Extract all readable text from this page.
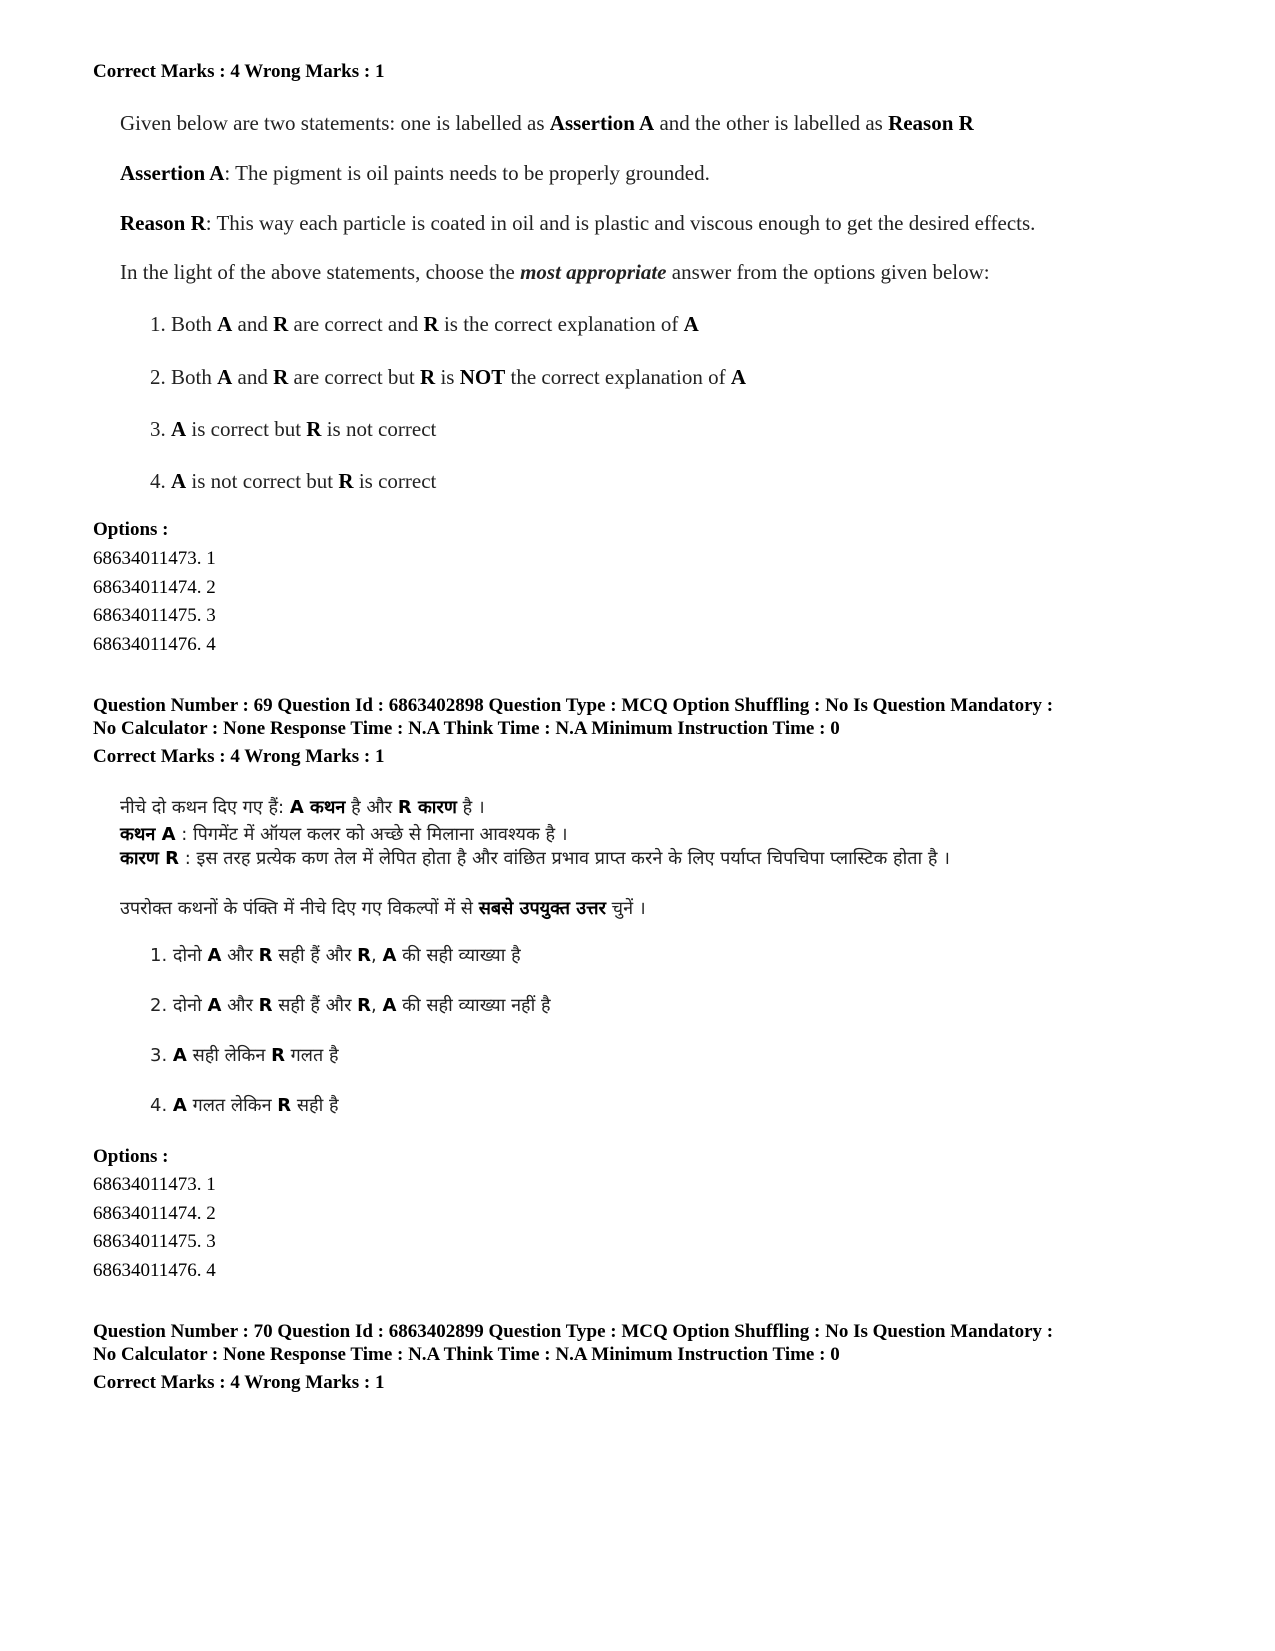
Correct Marks : 4 Wrong Marks : 1
Given below are two statements: one is labelled as Assertion A and the other is labelled as Reason R
Assertion A: The pigment is oil paints needs to be properly grounded.
Reason R: This way each particle is coated in oil and is plastic and viscous enough to get the desired effects.
In the light of the above statements, choose the most appropriate answer from the options given below:
1. Both A and R are correct and R is the correct explanation of A
2. Both A and R are correct but R is NOT the correct explanation of A
3. A is correct but R is not correct
4. A is not correct but R is correct
Options :
68634011473. 1
68634011474. 2
68634011475. 3
68634011476. 4
Question Number : 69 Question Id : 6863402898 Question Type : MCQ Option Shuffling : No Is Question Mandatory :
No Calculator : None Response Time : N.A Think Time : N.A Minimum Instruction Time : 0
Correct Marks : 4 Wrong Marks : 1
नीचे दो कथन दिए गए हैं: A कथन है और R कारण है ।
कथन A : पिगमेंट में ऑयल कलर को अच्छे से मिलाना आवश्यक है ।
कारण R : इस तरह प्रत्येक कण तेल में लेपित होता है और वांछित प्रभाव प्राप्त करने के लिए पर्याप्त चिपचिपा प्लास्टिक होता है ।
उपरोक्त कथनों के पंक्ति में नीचे दिए गए विकल्पों में से सबसे उपयुक्त उत्तर चुनें ।
1. दोनो A और R सही हैं और R, A की सही व्याख्या है
2. दोनो A और R सही हैं और R, A की सही व्याख्या नहीं है
3. A सही लेकिन R गलत है
4. A गलत लेकिन R सही है
Options :
68634011473. 1
68634011474. 2
68634011475. 3
68634011476. 4
Question Number : 70 Question Id : 6863402899 Question Type : MCQ Option Shuffling : No Is Question Mandatory :
No Calculator : None Response Time : N.A Think Time : N.A Minimum Instruction Time : 0
Correct Marks : 4 Wrong Marks : 1
